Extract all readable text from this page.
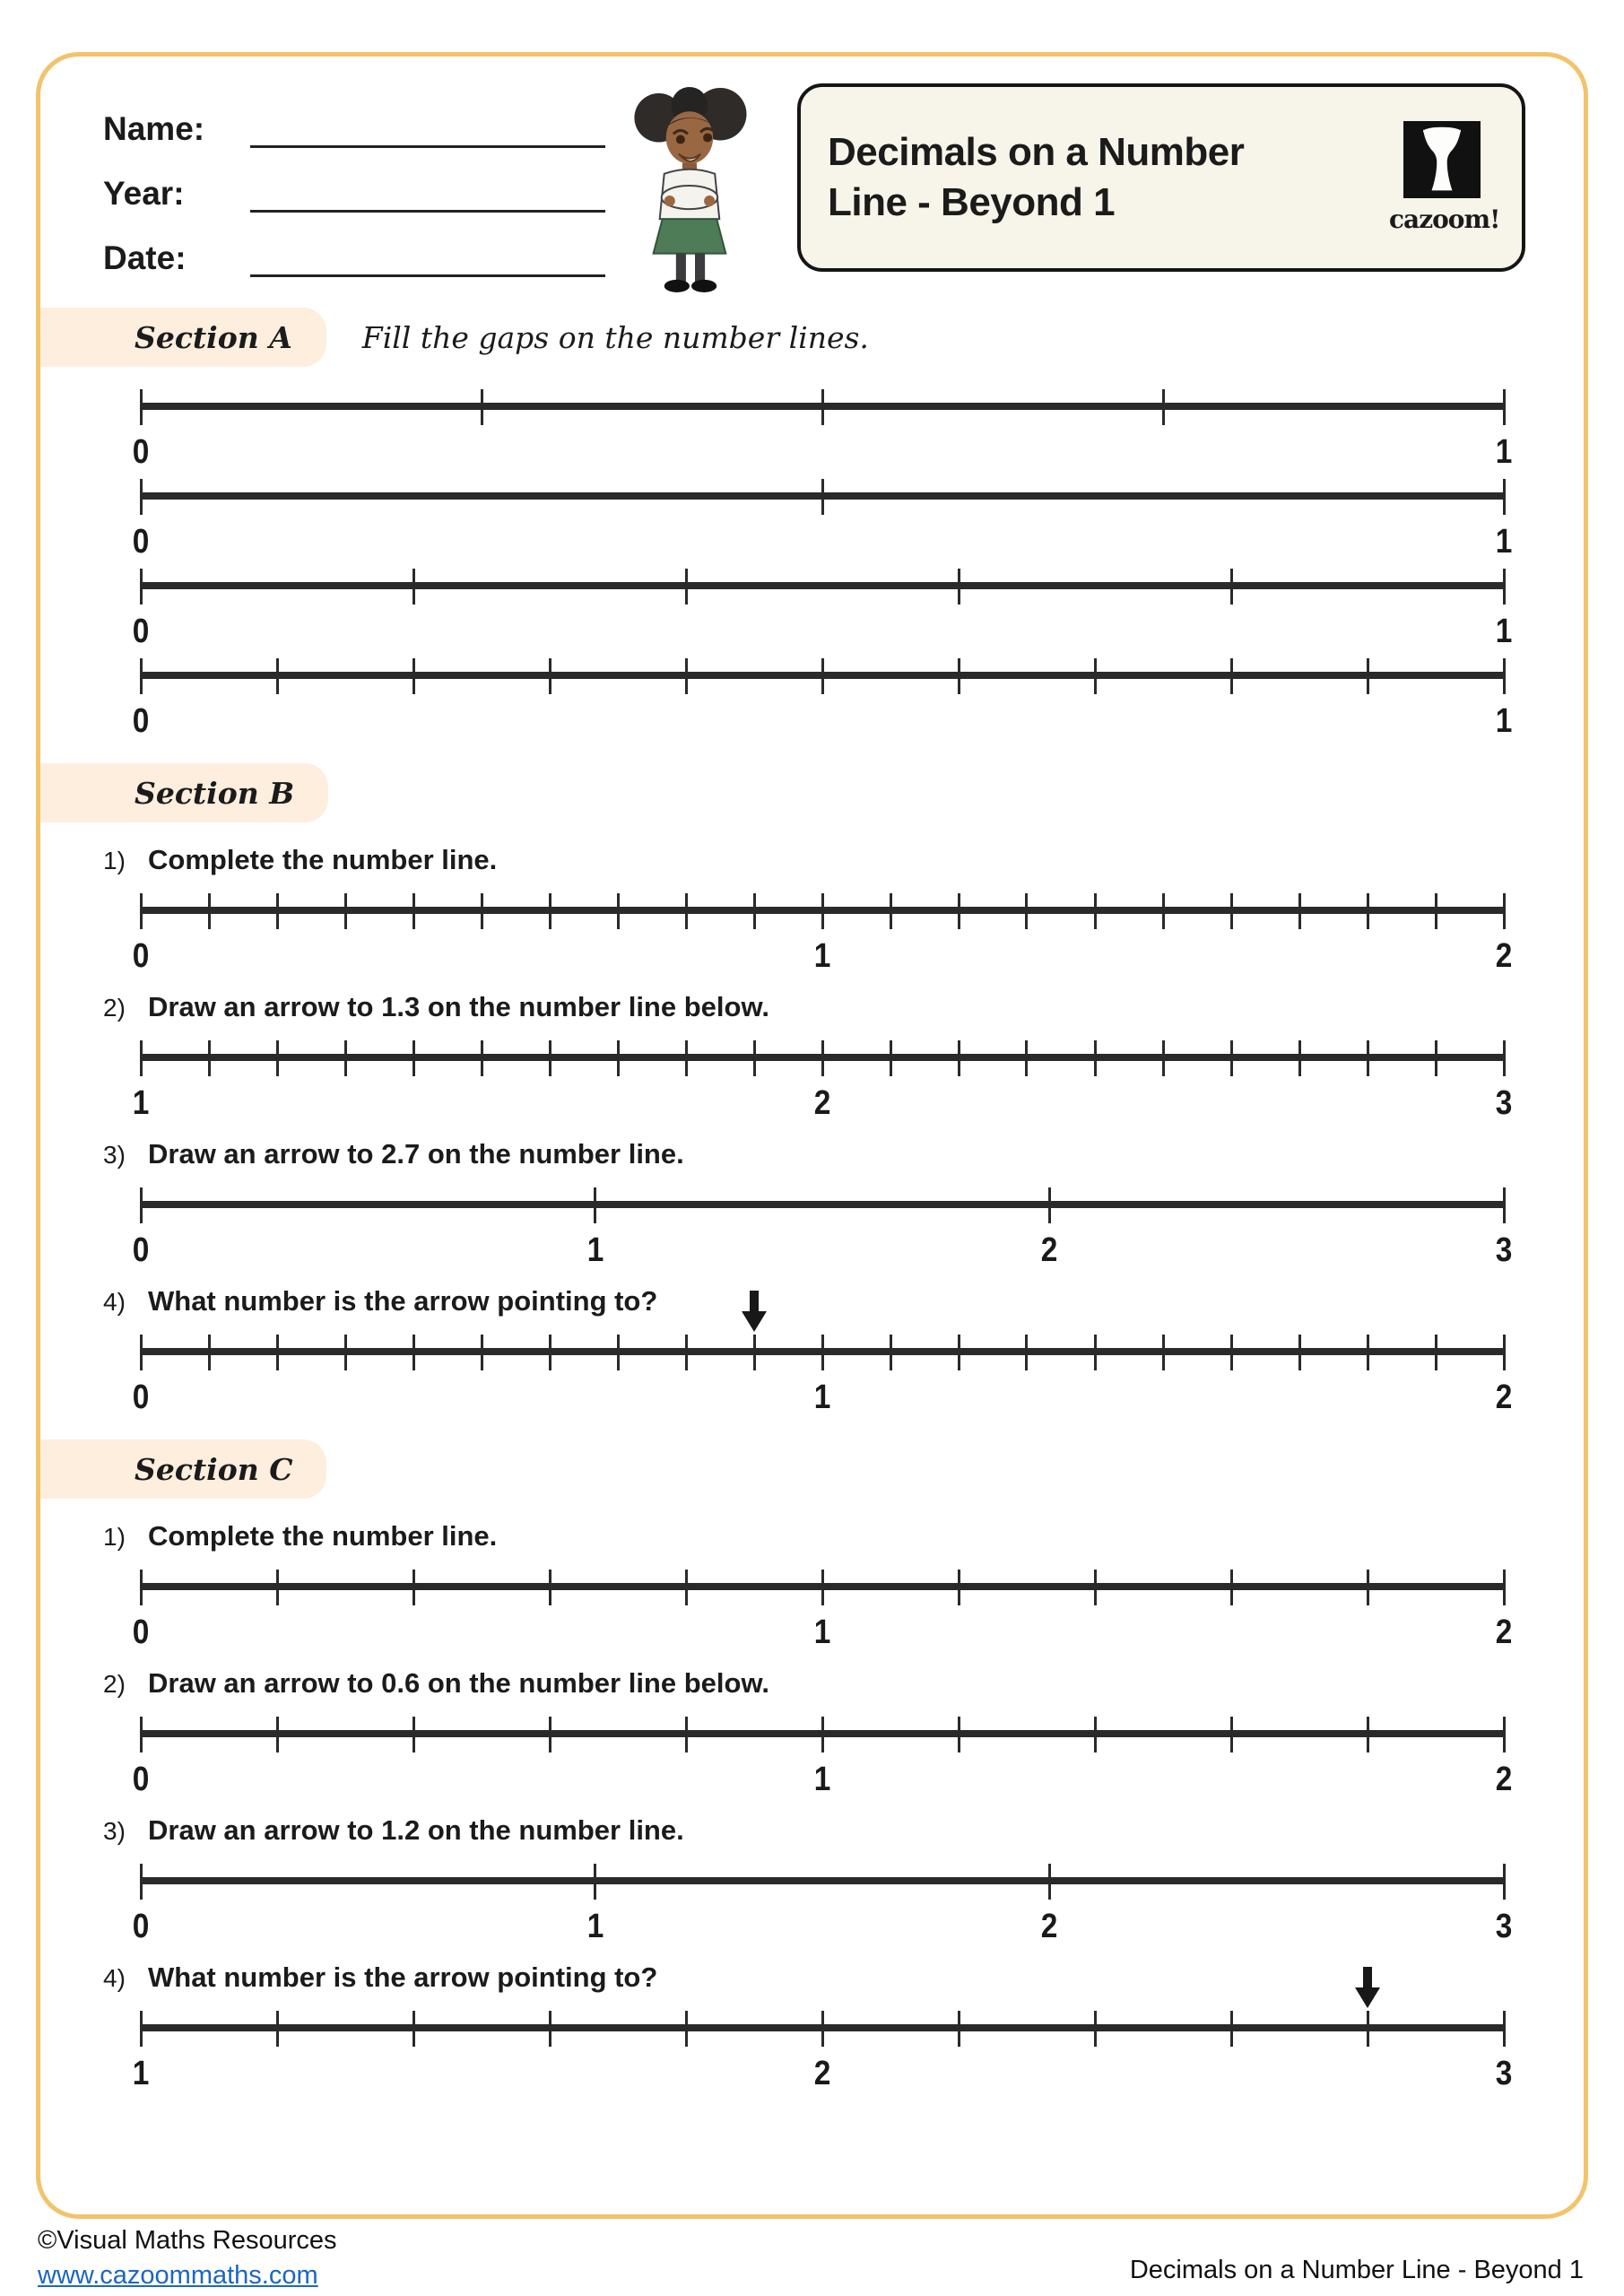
Name:
Year:
Date:
Decimals on a Number
Line - Beyond 1	cazoom!
Section A	Fill the gaps on the number lines.
0	1
0	1
0	1
0	1
Section B
1) Complete the number line.
0	1	2
2) Draw an arrow to 1.3 on the number line below.
1	2	3
3) Draw an arrow to 2.7 on the number line.
0	1	2	3
4) What number is the arrow pointing to?
0	1	2
Section C
1) Complete the number line.
0	1	2
2) Draw an arrow to 0.6 on the number line below.
0	1	2
3) Draw an arrow to 1.2 on the number line.
0	1	2	3
4) What number is the arrow pointing to?
1	2	3
©Visual Maths Resources
www.cazoommaths.com	Decimals on a Number Line - Beyond 1
